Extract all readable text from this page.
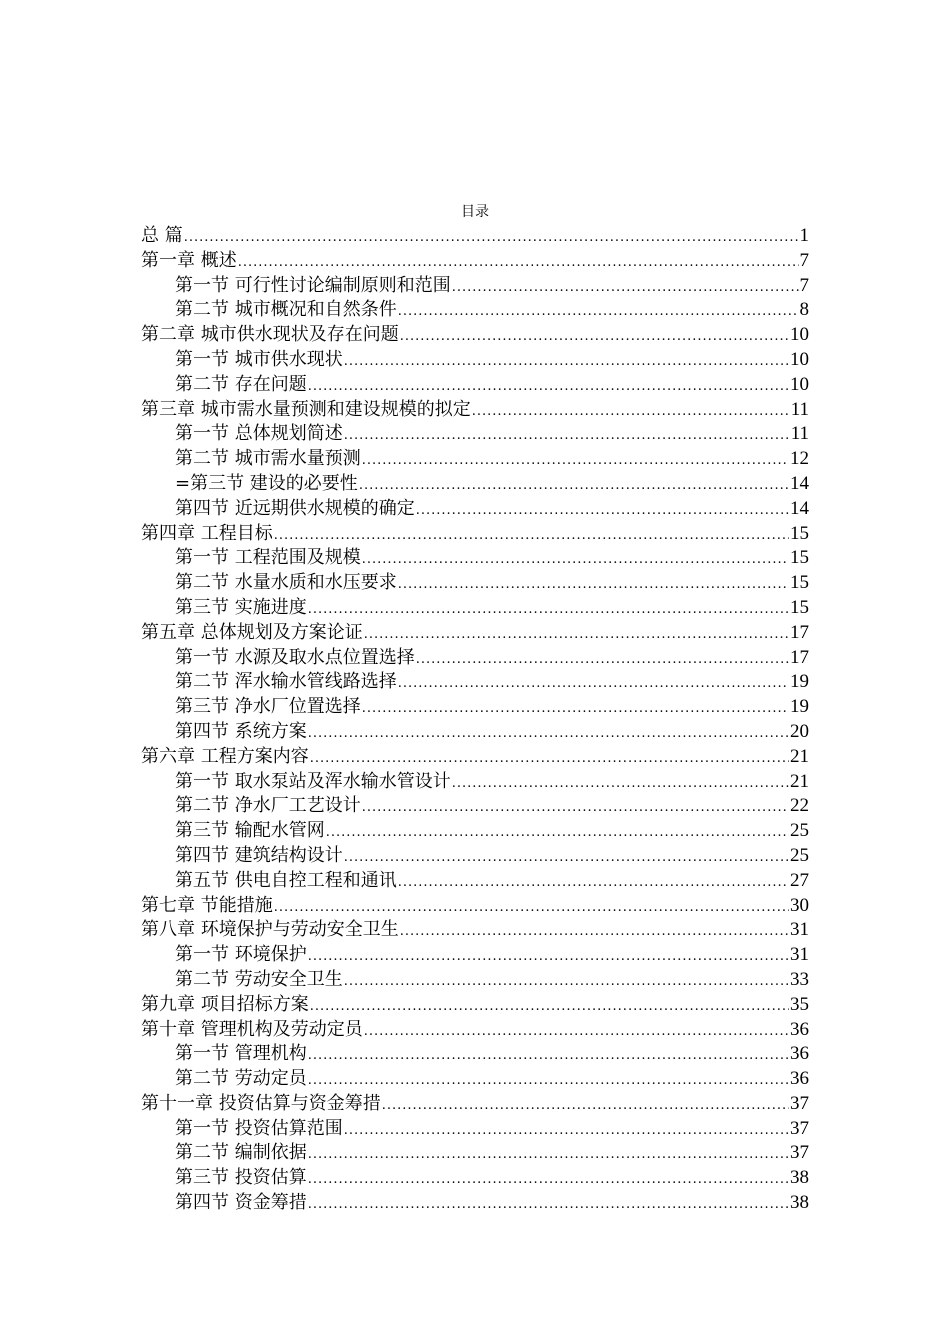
目录
总 篇 .....	1
第一章 概述 .....	7
第一节 可行性讨论编制原则和范围 .....	7
第二节 城市概况和自然条件 .....	8
第二章 城市供水现状及存在问题 .....	10
第一节 城市供水现状 .....	10
第二节 存在问题 .....	10
第三章 城市需水量预测和建设规模的拟定 .....	11
第一节 总体规划简述 .....	11
第二节 城市需水量预测 .....	12
=第三节 建设的必要性 .....	14
第四节 近远期供水规模的确定 .....	14
第四章 工程目标 .....	15
第一节 工程范围及规模 .....	15
第二节 水量水质和水压要求 .....	15
第三节 实施进度 .....	15
第五章 总体规划及方案论证 .....	17
第一节 水源及取水点位置选择 .....	17
第二节 浑水输水管线路选择 .....	19
第三节 净水厂位置选择 .....	19
第四节 系统方案 .....	20
第六章 工程方案内容 .....	21
第一节 取水泵站及浑水输水管设计 .....	21
第二节 净水厂工艺设计 .....	22
第三节 输配水管网 .....	25
第四节 建筑结构设计 .....	25
第五节 供电自控工程和通讯 .....	27
第七章 节能措施 .....	30
第八章 环境保护与劳动安全卫生 .....	31
第一节 环境保护 .....	31
第二节 劳动安全卫生 .....	33
第九章 项目招标方案 .....	35
第十章 管理机构及劳动定员 .....	36
第一节 管理机构 .....	36
第二节 劳动定员 .....	36
第十一章 投资估算与资金筹措 .....	37
第一节 投资估算范围 .....	37
第二节 编制依据 .....	37
第三节 投资估算 .....	38
第四节 资金筹措 .....	38
